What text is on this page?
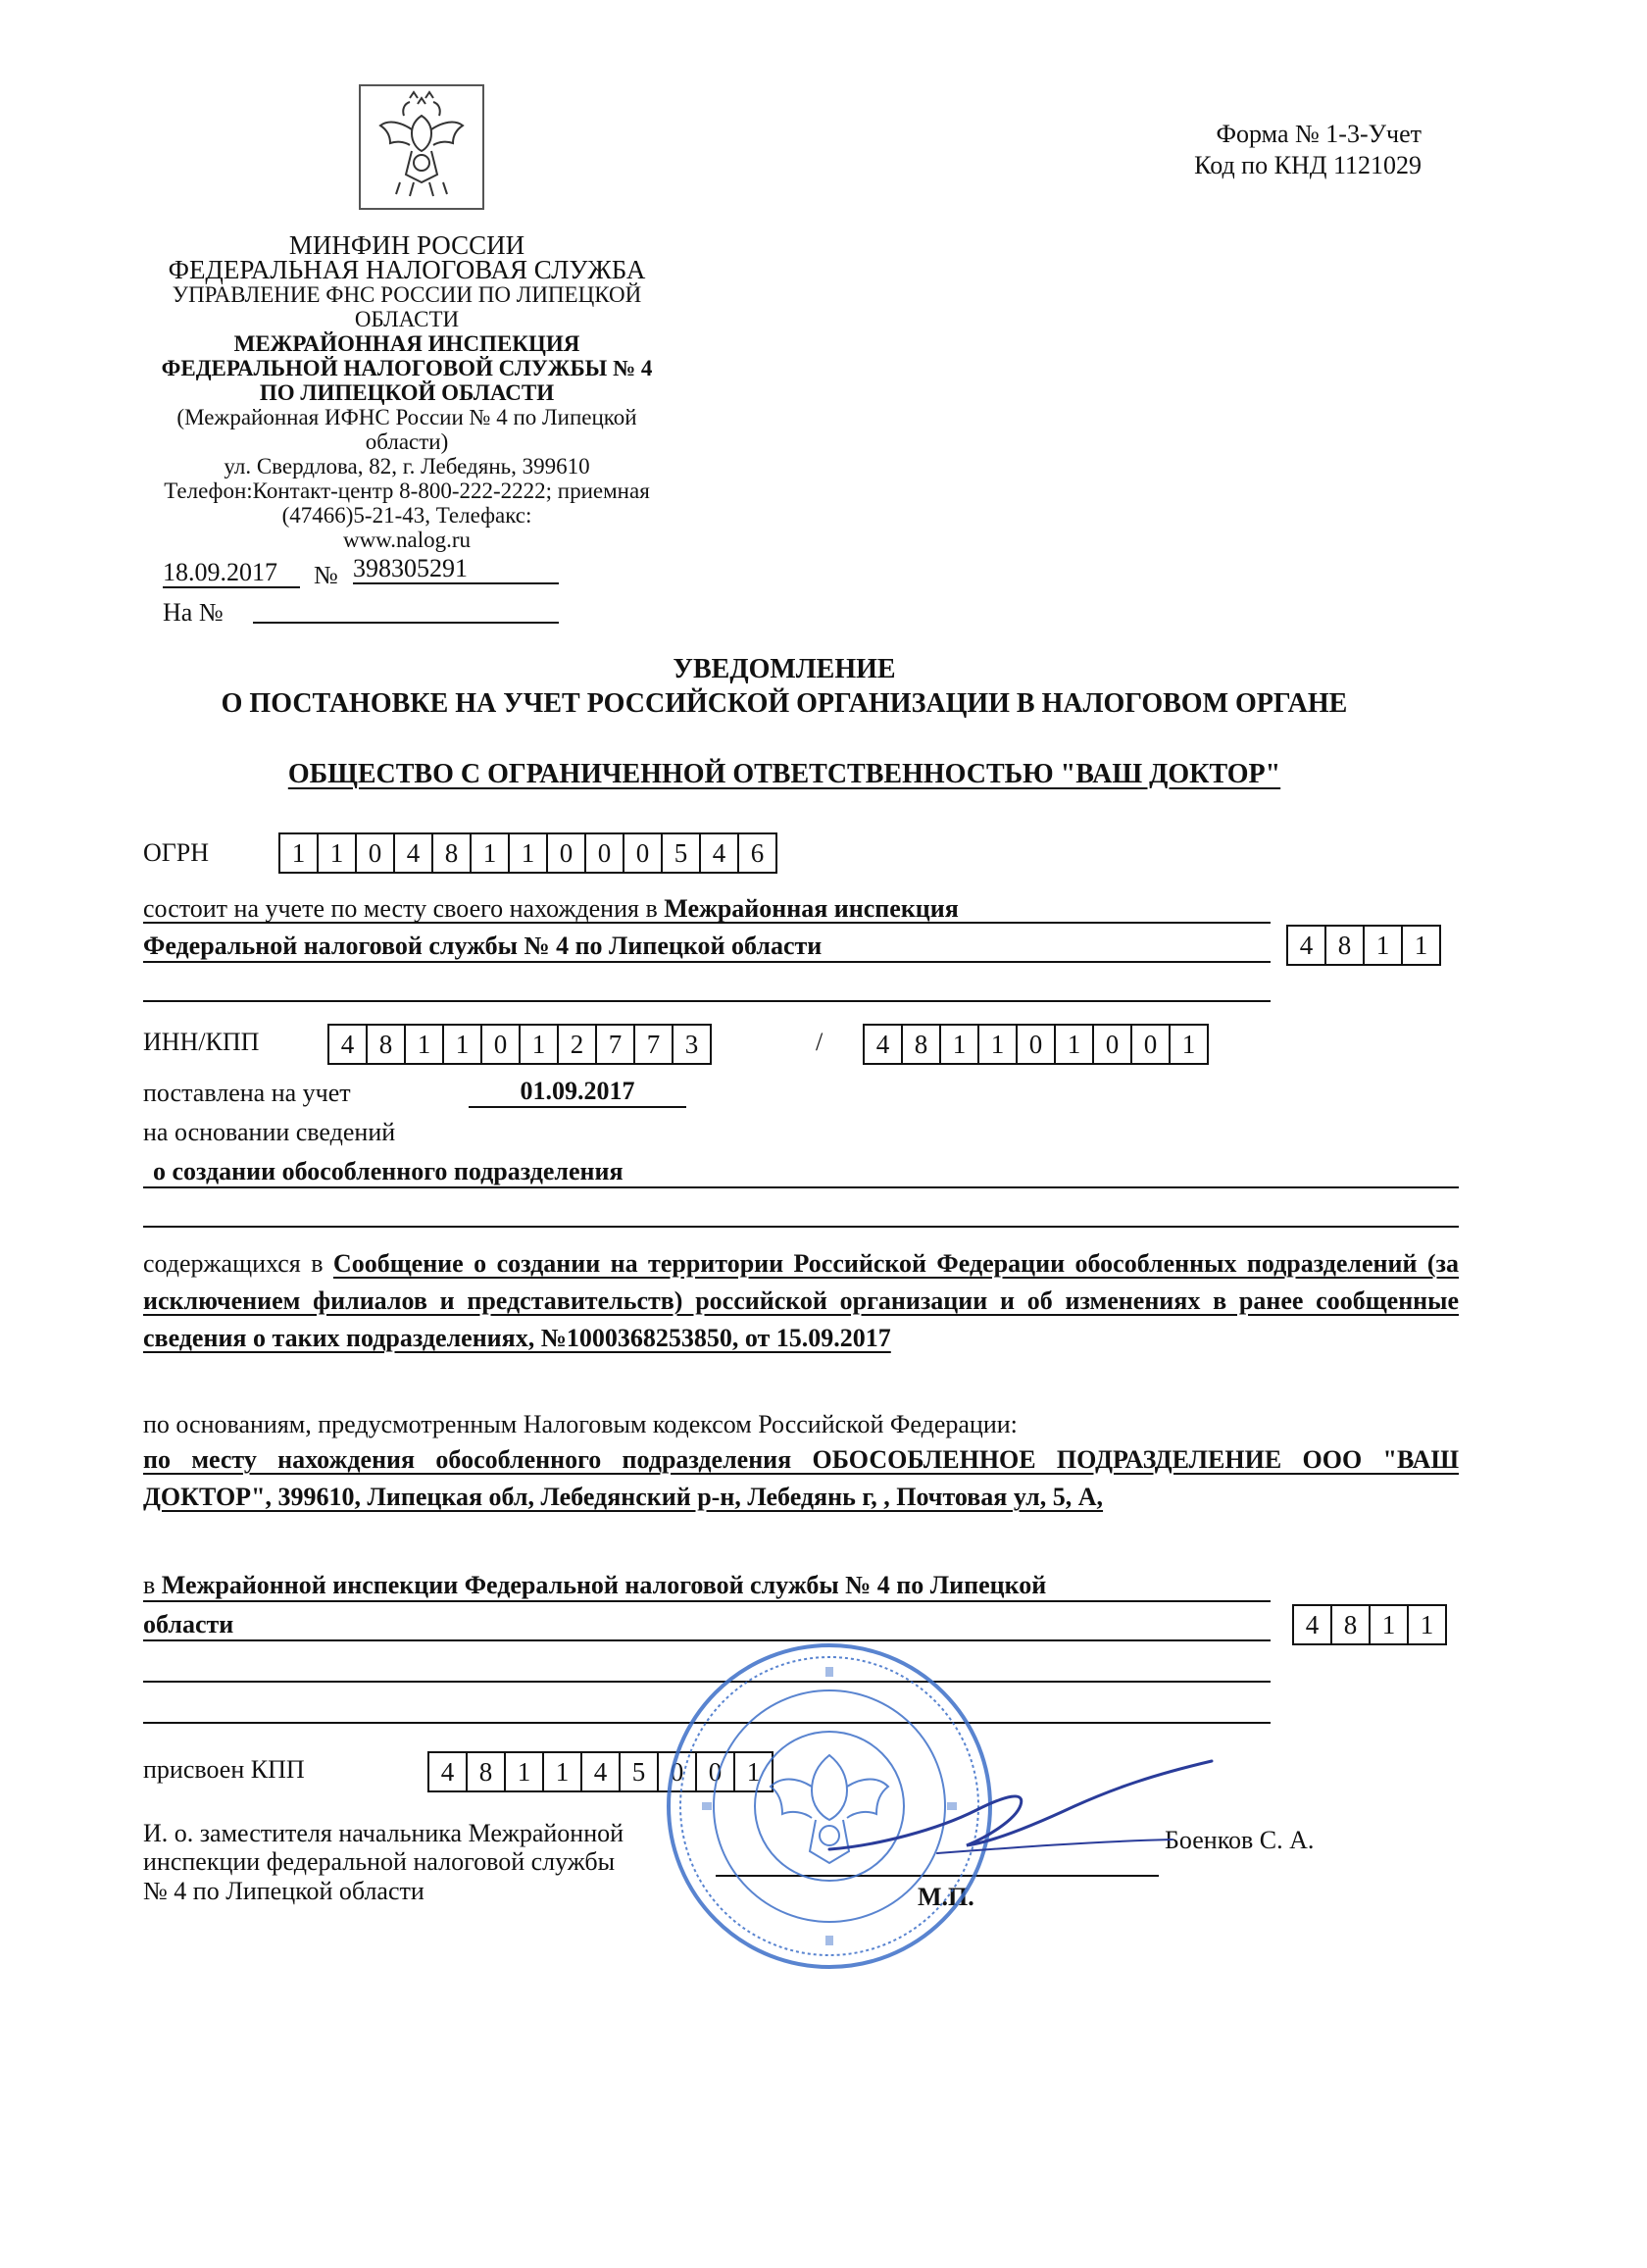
Форма № 1-3-Учет
Код по КНД 1121029
МИНФИН РОССИИ
ФЕДЕРАЛЬНАЯ НАЛОГОВАЯ СЛУЖБА
УПРАВЛЕНИЕ ФНС РОССИИ ПО ЛИПЕЦКОЙ
ОБЛАСТИ
МЕЖРАЙОННАЯ ИНСПЕКЦИЯ
ФЕДЕРАЛЬНОЙ НАЛОГОВОЙ СЛУЖБЫ № 4
ПО ЛИПЕЦКОЙ ОБЛАСТИ
(Межрайонная ИФНС России № 4 по Липецкой
области)
ул. Свердлова, 82, г. Лебедянь, 399610
Телефон:Контакт-центр 8-800-222-2222; приемная
(47466)5-21-43, Телефакс:
www.nalog.ru
18.09.2017	№ 398305291
На №
УВЕДОМЛЕНИЕ
О ПОСТАНОВКЕ НА УЧЕТ РОССИЙСКОЙ ОРГАНИЗАЦИИ В НАЛОГОВОМ ОРГАНЕ
ОБЩЕСТВО С ОГРАНИЧЕННОЙ ОТВЕТСТВЕННОСТЬЮ "ВАШ ДОКТОР"
ОГРН	1 1 0 4 8 1 1 0 0 0 5 4 6
состоит на учете по месту своего нахождения в Межрайонная инспекция
Федеральной налоговой службы № 4 по Липецкой области	4 8 1 1
ИНН/КПП	4 8 1 1 0 1 2 7 7 3	/	4 8 1 1 0 1 0 0 1
поставлена на учет	01.09.2017
на основании сведений
о создании обособленного подразделения
содержащихся в Сообщение о создании на территории Российской Федерации обособленных подразделений (за исключением филиалов и представительств) российской организации и об изменениях в ранее сообщенные сведения о таких подразделениях, №1000368253850, от 15.09.2017
по основаниям, предусмотренным Налоговым кодексом Российской Федерации:
по месту нахождения обособленного подразделения ОБОСОБЛЕННОЕ ПОДРАЗДЕЛЕНИЕ ООО "ВАШ ДОКТОР", 399610, Липецкая обл, Лебедянский р-н, Лебедянь г, , Почтовая ул, 5, А,
в Межрайонной инспекции Федеральной налоговой службы № 4 по Липецкой
области	4 8 1 1
присвоен КПП	4 8 1 1 4 5 0 0 1
И. о. заместителя начальника Межрайонной
инспекции федеральной налоговой службы
№ 4 по Липецкой области
Боенков С. А.
М.П.
